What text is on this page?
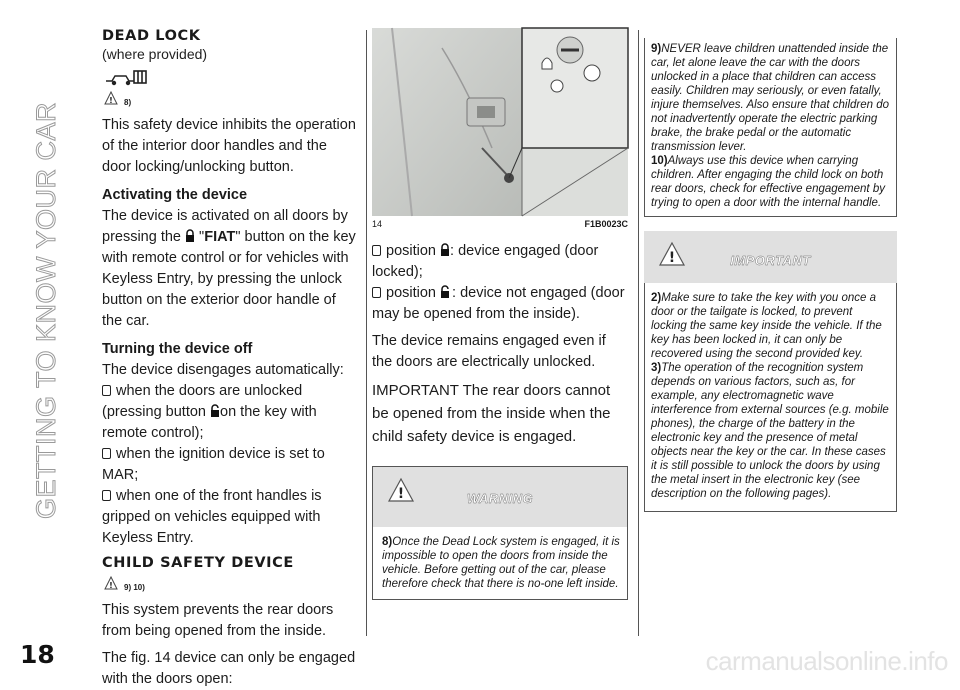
GETTING TO KNOW YOUR CAR
18	carmanualsonline.info
DEAD LOCK
(where provided)
! 8)
This safety device inhibits the operation of the interior door handles and the door locking/unlocking button.
Activating the device
The device is activated on all doors by pressing the  "FIAT" button on the key with remote control or for vehicles with Keyless Entry, by pressing the unlock button on the exterior door handle of the car.
Turning the device off
The device disengages automatically:
when the doors are unlocked (pressing button on the key with remote control);
when the ignition device is set to MAR;
when one of the front handles is gripped on vehicles equipped with Keyless Entry.
CHILD SAFETY DEVICE
! 9) 10)
This system prevents the rear doors from being opened from the inside.
The fig. 14 device can only be engaged with the doors open:
14	F1B0023C
position : device engaged (door locked);
position : device not engaged (door may be opened from the inside).
The device remains engaged even if the doors are electrically unlocked.
IMPORTANT The rear doors cannot be opened from the inside when the child safety device is engaged.
!	WARNING
8)Once the Dead Lock system is engaged, it is impossible to open the doors from inside the vehicle. Before getting out of the car, please therefore check that there is no-one left inside.
9)NEVER leave children unattended inside the car, let alone leave the car with the doors unlocked in a place that children can access easily. Children may seriously, or even fatally, injure themselves. Also ensure that children do not inadvertently operate the electric parking brake, the brake pedal or the automatic transmission lever.
10)Always use this device when carrying children. After engaging the child lock on both rear doors, check for effective engagement by trying to open a door with the internal handle.
!	IMPORTANT
2)Make sure to take the key with you once a door or the tailgate is locked, to prevent locking the same key inside the vehicle. If the key has been locked in, it can only be recovered using the second provided key.
3)The operation of the recognition system depends on various factors, such as, for example, any electromagnetic wave interference from external sources (e.g. mobile phones), the charge of the battery in the electronic key and the presence of metal objects near the key or the car. In these cases it is still possible to unlock the doors by using the metal insert in the electronic key (see description on the following pages).
